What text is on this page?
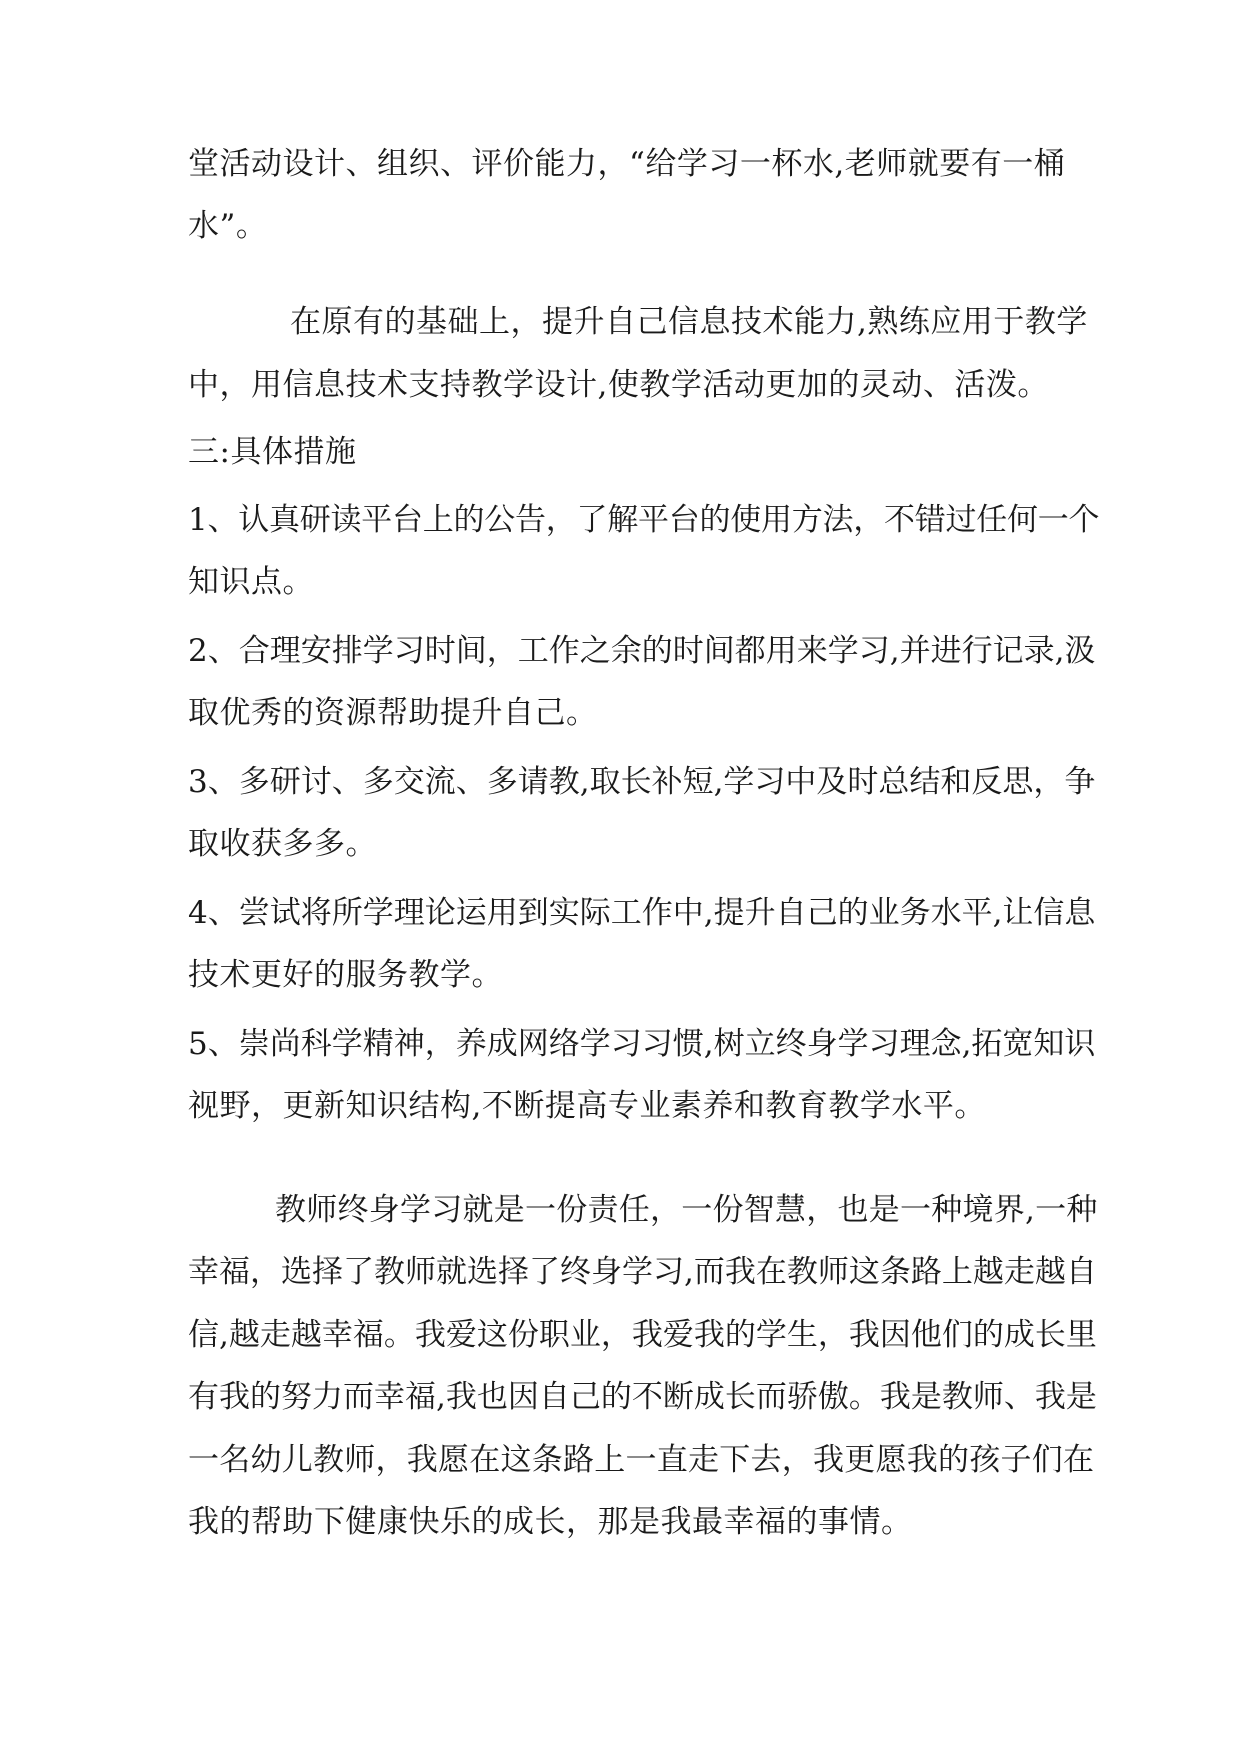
堂活动设计、组织、评价能力，“给学习一杯水,老师就要有一桶
水”。
在原有的基础上，提升自己信息技术能力,熟练应用于教学
中，用信息技术支持教学设计,使教学活动更加的灵动、活泼。
三:具体措施
1、认真研读平台上的公告，了解平台的使用方法，不错过任何一个
知识点。
2、合理安排学习时间，工作之余的时间都用来学习,并进行记录,汲
取优秀的资源帮助提升自己。
3、多研讨、多交流、多请教,取长补短,学习中及时总结和反思，争
取收获多多。
4、尝试将所学理论运用到实际工作中,提升自己的业务水平,让信息
技术更好的服务教学。
5、崇尚科学精神，养成网络学习习惯,树立终身学习理念,拓宽知识
视野，更新知识结构,不断提高专业素养和教育教学水平。
教师终身学习就是一份责任，一份智慧，也是一种境界,一种
幸福，选择了教师就选择了终身学习,而我在教师这条路上越走越自
信,越走越幸福。我爱这份职业，我爱我的学生，我因他们的成长里
有我的努力而幸福,我也因自己的不断成长而骄傲。我是教师、我是
一名幼儿教师，我愿在这条路上一直走下去，我更愿我的孩子们在
我的帮助下健康快乐的成长，那是我最幸福的事情。
